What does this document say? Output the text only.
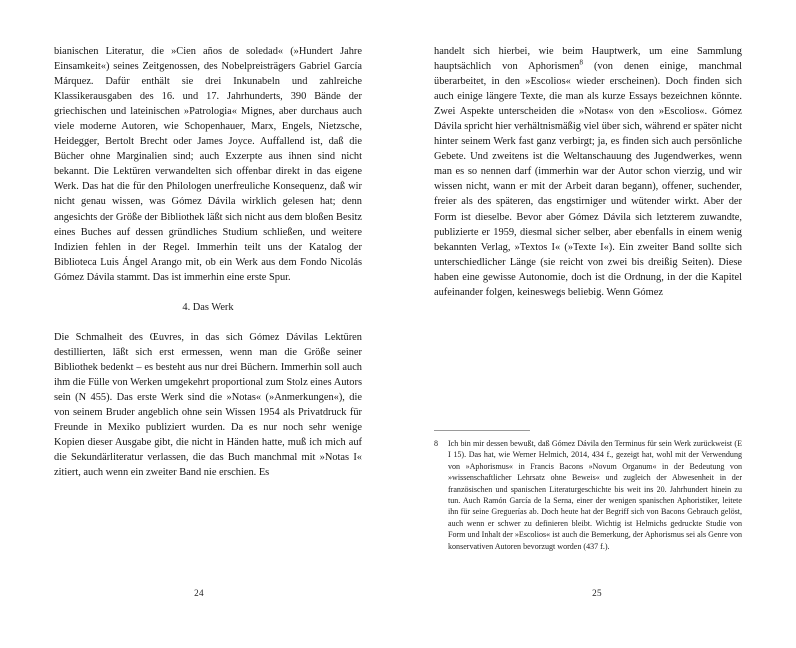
bianischen Literatur, die »Cien años de soledad« (»Hundert Jahre Einsamkeit«) seines Zeitgenossen, des Nobelpreisträgers Gabriel García Márquez. Dafür enthält sie drei Inkunabeln und zahlreiche Klassikerausgaben des 16. und 17. Jahrhunderts, 390 Bände der griechischen und lateinischen »Patrologia« Mignes, aber durchaus auch viele moderne Autoren, wie Schopenhauer, Marx, Engels, Nietzsche, Heidegger, Bertolt Brecht oder James Joyce. Auffallend ist, daß die Bücher ohne Marginalien sind; auch Exzerpte aus ihnen sind nicht bekannt. Die Lektüren verwandelten sich offenbar direkt in das eigene Werk. Das hat die für den Philologen unerfreuliche Konsequenz, daß wir nicht genau wissen, was Gómez Dávila wirklich gelesen hat; denn angesichts der Größe der Bibliothek läßt sich nicht aus dem bloßen Besitz eines Buches auf dessen gründliches Studium schließen, und weitere Indizien fehlen in der Regel. Immerhin teilt uns der Katalog der Biblioteca Luis Ángel Arango mit, ob ein Werk aus dem Fondo Nicolás Gómez Dávila stammt. Das ist immerhin eine erste Spur.

4. Das Werk

Die Schmalheit des Œuvres, in das sich Gómez Dávilas Lektüren destillierten, läßt sich erst ermessen, wenn man die Größe seiner Bibliothek bedenkt – es besteht aus nur drei Büchern. Immerhin soll auch ihm die Fülle von Werken umgekehrt proportional zum Stolz eines Autors sein (N 455). Das erste Werk sind die »Notas« (»Anmerkungen«), die von seinem Bruder angeblich ohne sein Wissen 1954 als Privatdruck für Freunde in Mexiko publiziert wurden. Da es nur noch sehr wenige Kopien dieser Ausgabe gibt, die nicht in Händen hatte, muß ich mich auf die Sekundärliteratur verlassen, die das Buch manchmal mit »Notas I« zitiert, auch wenn ein zweiter Band nie erschien. Es

24

handelt sich hierbei, wie beim Hauptwerk, um eine Sammlung hauptsächlich von Aphorismen$^8$ (von denen einige, manchmal überarbeitet, in den »Escolios« wieder erscheinen). Doch finden sich auch einige längere Texte, die man als kurze Essays bezeichnen könnte. Zwei Aspekte unterscheiden die »Notas« von den »Escolios«. Gómez Dávila spricht hier verhältnismäßig viel über sich, während er später nicht hinter seinem Werk fast ganz verbirgt; ja, es finden sich auch persönliche Gebete. Und zweitens ist die Weltanschauung des Jugendwerkes, wenn man es so nennen darf (immerhin war der Autor schon vierzig, und wir wissen nicht, wann er mit der Arbeit daran begann), offener, suchender, freier als des späteren, das engstirniger und wütender wirkt. Aber der Form ist dieselbe. Bevor aber Gómez Dávila sich letzterem zuwandte, publizierte er 1959, diesmal sicher selber, aber ebenfalls in einem wenig bekannten Verlag, »Textos I« (»Texte I«). Ein zweiter Band sollte sich unterschiedlicher Länge (sie reicht von zwei bis dreißig Seiten). Diese haben eine gewisse Autonomie, doch ist die Ordnung, in der die Kapitel aufeinander folgen, keineswegs beliebig. Wenn Gómez

8	Ich bin mir dessen bewußt, daß Gómez Dávila den Terminus für sein Werk zurückweist (E I 15). Das hat, wie Werner Helmich, 2014, 434 f., gezeigt hat, wohl mit der Verwendung von »Aphorismus« in Francis Bacons »Novum Organum« in der Bedeutung von »wissenschaftlicher Lehrsatz ohne Beweis« und zugleich der Abwesenheit in der französischen und spanischen Literaturgeschichte bis weit ins 20. Jahrhundert hinein zu tun. Auch Ramón García de la Serna, einer der wenigen spanischen Aphoristiker, leitete ihn für seine Greguerías ab. Doch heute hat der Begriff sich von Bacons Gebrauch gelöst, auch wenn er schwer zu definieren bleibt. Wichtig ist Helmichs gedruckte Studie von Form und Inhalt der »Escolios« ist auch die Bemerkung, der Aphorismus sei als Genre von konservativen Autoren bevorzugt worden (437 f.).

25
